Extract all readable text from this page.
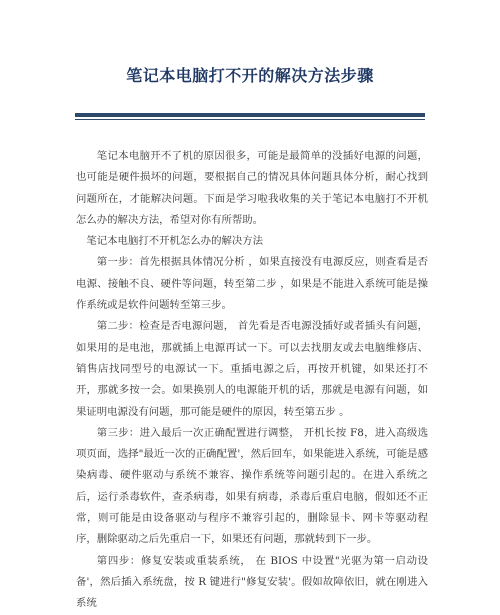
笔记本电脑打不开的解决方法步骤

笔记本电脑开不了机的原因很多，可能是最简单的没插好电源的问题，也可能是硬件损坏的问题，要根据自己的情况具体问题具体分析，耐心找到问题所在，才能解决问题。下面是学习啦我收集的关于笔记本电脑打不开机怎么办的解决方法，希望对你有所帮助。

笔记本电脑打不开机怎么办的解决方法

第一步：首先根据具体情况分析 ，如果直接没有电源反应，则查看是否电源、接触不良、硬件等问题，转至第二步 ，如果是不能进入系统可能是操作系统或是软件问题转至第三步。

第二步：检查是否电源问题， 首先看是否电源没插好或者插头有问题，如果用的是电池，那就插上电源再试一下。可以去找朋友或去电脑维修店、销售店找同型号的电源试一下。重插电源之后，再按开机键，如果还打不开，那就多按一会。如果换别人的电源能开机的话，那就是电源有问题，如果证明电源没有问题，那可能是硬件的原因，转至第五步 。

第三步：进入最后一次正确配置进行调整， 开机长按 F8，进入高级选项页面，选择"最近一次的正确配置'，然后回车，如果能进入系统，可能是感染病毒、硬件驱动与系统不兼容、操作系统等问题引起的。在进入系统之后，运行杀毒软件，查杀病毒，如果有病毒，杀毒后重启电脑，假如还不正常，则可能是由设备驱动与程序不兼容引起的，删除显卡、网卡等驱动程序，删除驱动之后先重启一下，如果还有问题，那就转到下一步。

第四步：修复安装或重装系统， 在 BIOS 中设置"光驱为第一启动设备'，然后插入系统盘，按 R 键进行"修复安装'。假如故障依旧，就在刚进入系统
